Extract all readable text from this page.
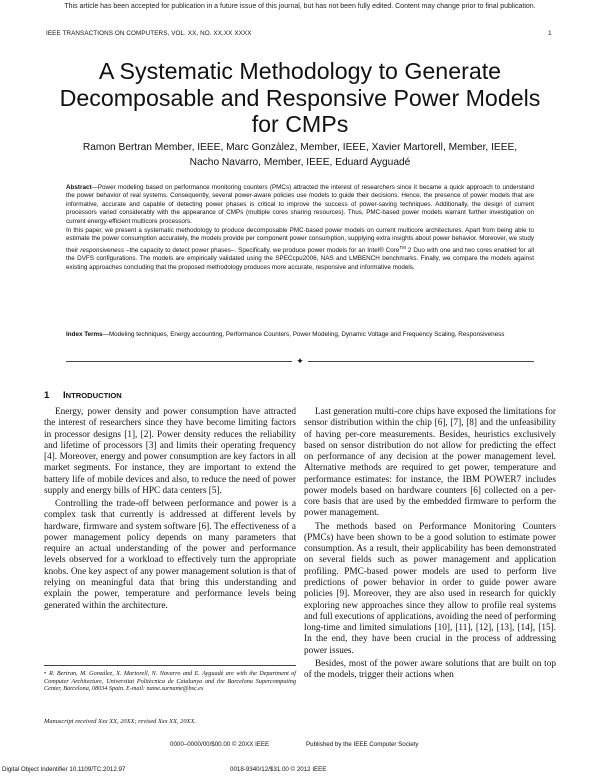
This article has been accepted for publication in a future issue of this journal, but has not been fully edited. Content may change prior to final publication.
IEEE TRANSACTIONS ON COMPUTERS, VOL. XX, NO. XX,XX XXXX	1
A Systematic Methodology to Generate
Decomposable and Responsive Power Models
for CMPs
Ramon Bertran Member, IEEE, Marc Gonzàlez, Member, IEEE, Xavier Martorell, Member, IEEE,
Nacho Navarro, Member, IEEE, Eduard Ayguadé

Abstract—Power modeling based on performance monitoring counters (PMCs) attracted the interest of researchers since it became a quick approach to understand the power behavior of real systems. Consequently, several power-aware policies use models to guide their decisions. Hence, the presence of power models that are informative, accurate and capable of detecting power phases is critical to improve the success of power-saving techniques. Additionally, the design of current processors varied considerably with the appearance of CMPs (multiple cores sharing resources). Thus, PMC-based power models warrant further investigation on current energy-efficient multicore processors.

In this paper, we present a systematic methodology to produce decomposable PMC-based power models on current multicore architectures. Apart from being able to estimate the power consumption accurately, the models provide per component power consumption, supplying extra insights about power behavior. Moreover, we study their responsiveness –the capacity to detect power phases–. Specifically, we produce power models for an Intel® Core™ 2 Duo with one and two cores enabled for all the DVFS configurations. The models are empirically validated using the SPECcpu2006, NAS and LMBENCH benchmarks. Finally, we compare the models against existing approaches concluding that the proposed methodology produces more accurate, responsive and informative models.

Index Terms—Modeling techniques, Energy accounting, Performance Counters, Power Modeling, Dynamic Voltage and Frequency Scaling, Responsiveness
✦
1 INTRODUCTION

Energy, power density and power consumption have attracted the interest of researchers since they have become limiting factors in processor designs [1], [2]. Power density reduces the reliability and lifetime of processors [3] and limits their operating frequency [4]. Moreover, energy and power consumption are key factors in all market segments. For instance, they are important to extend the battery life of mobile devices and also, to reduce the need of power supply and energy bills of HPC data centers [5].

Controlling the trade-off between performance and power is a complex task that currently is addressed at different levels by hardware, firmware and system software [6]. The effectiveness of a power management policy depends on many parameters that require an actual understanding of the power and performance levels observed for a workload to effectively turn the appropriate knobs. One key aspect of any power management solution is that of relying on meaningful data that bring this understanding and explain the power, temperature and performance levels being generated within the architecture.

Last generation multi-core chips have exposed the limitations for sensor distribution within the chip [6], [7], [8] and the unfeasibility of having per-core measurements. Besides, heuristics exclusively based on sensor distribution do not allow for predicting the effect on performance of any decision at the power management level. Alternative methods are required to get power, temperature and performance estimates: for instance, the IBM POWER7 includes power models based on hardware counters [6] collected on a per-core basis that are used by the embedded firmware to perform the power management.

The methods based on Performance Monitoring Counters (PMCs) have been shown to be a good solution to estimate power consumption. As a result, their applicability has been demonstrated on several fields such as power management and application profiling. PMC-based power models are used to perform live predictions of power behavior in order to guide power aware policies [9]. Moreover, they are also used in research for quickly exploring new approaches since they allow to profile real systems and full executions of applications, avoiding the need of performing long-time and limited simulations [10], [11], [12], [13], [14], [15]. In the end, they have been crucial in the process of addressing power issues.

Besides, most of the power aware solutions that are built on top of the models, trigger their actions when

• R. Bertran, M. González, X. Martorell, N. Navarro and E. Ayguadé are with the Department of Computer Architecture, Universitat Politècnica de Catalunya and the Barcelona Supercomputing Center, Barcelona, 08034 Spain. E-mail: name.surname@bsc.es
Manuscript received Xxx XX, 20XX; revised Xxx XX, 20XX.
0000–0000/00/$00.00 © 20XX IEEE	Published by the IEEE Computer Society
Digital Object Indentifier 10.1109/TC.2012.97	0018-9340/12/$31.00 © 2012 IEEE
